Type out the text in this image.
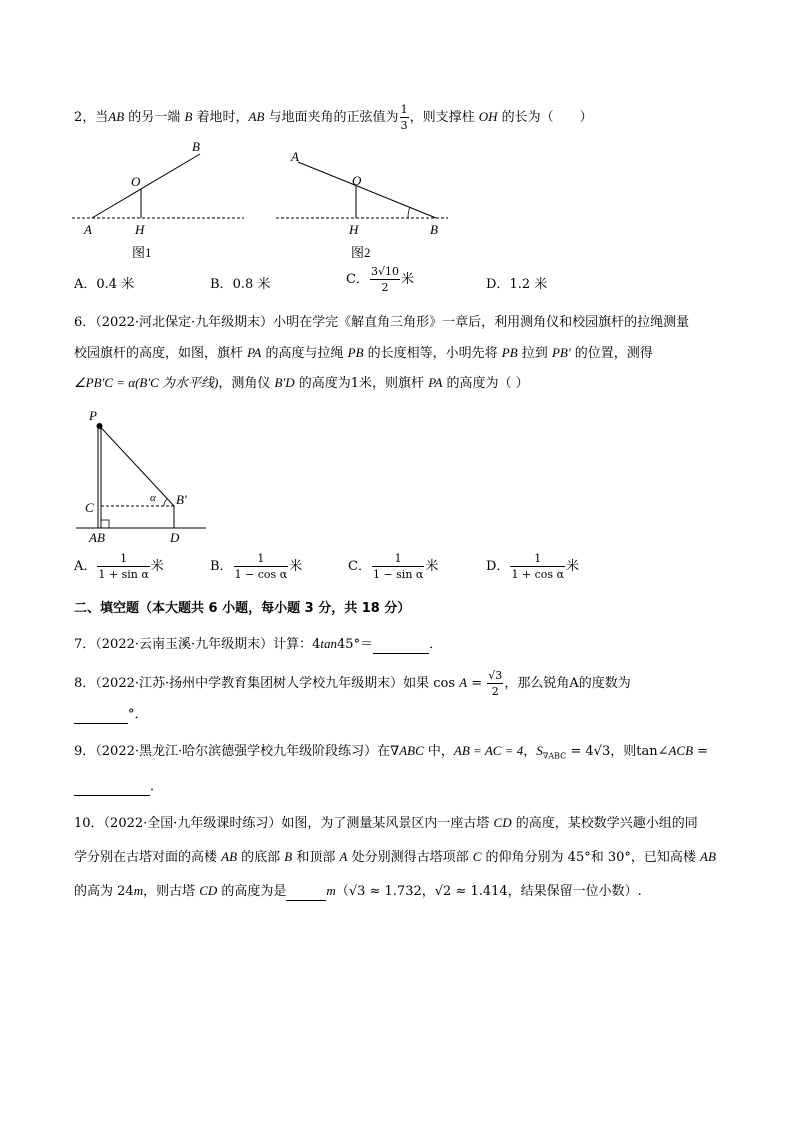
2，当AB 的另一端 B 着地时，AB 与地面夹角的正弦值为 $\frac{1}{3}$ ，则支撑柱 OH 的长为（　　）
B
O
A	H
图1
A
O
H	B
图2
A．0.4 米	B．0.8 米	C． $\frac{3√10}{2}$ 米	D．1.2 米
6．（2022·河北保定·九年级期末）小明在学完《解直角三角形》一章后，利用测角仪和校园旗杆的拉绳测量
校园旗杆的高度，如图，旗杆 PA 的高度与拉绳 PB 的长度相等，小明先将 PB 拉到 PB' 的位置，测得
∠PB'C = α(B'C 为水平线)，测角仪 B'D 的高度为1米，则旗杆 PA 的高度为（ ）
P
C
α B'
AB	D
A． $\frac{1}{\text{1 + sin α}}$ 米	B． $\frac{1}{\text{1 − cos α}}$ 米	C． $\frac{1}{\text{1 − sin α}}$ 米	D． $\frac{1}{\text{1 + cos α}}$ 米
二、填空题（本大题共 6 小题，每小题 3 分，共 18 分）
7．（2022·云南玉溪·九年级期末）计算：4tan45°＝	．
8．（2022·江苏·扬州中学教育集团树人学校九年级期末）如果 $\cos A = \frac{√3}{2}$ ，那么锐角A的度数为
°．
9．（2022·黑龙江·哈尔滨德强学校九年级阶段练习）在∇ABC 中，AB = AC = 4，$S_{\nabla ABC} = 4√3$，则tan∠ACB =
．
10．（2022·全国·九年级课时练习）如图，为了测量某风景区内一座古塔 CD 的高度，某校数学兴趣小组的同
学分别在古塔对面的高楼 AB 的底部 B 和顶部 A 处分别测得古塔项部 C 的仰角分别为 45°和 30°，已知高楼 AB
的高为 24m，则古塔 CD 的高度为是	m（√3 ≈ 1.732，√2 ≈ 1.414，结果保留一位小数）.
